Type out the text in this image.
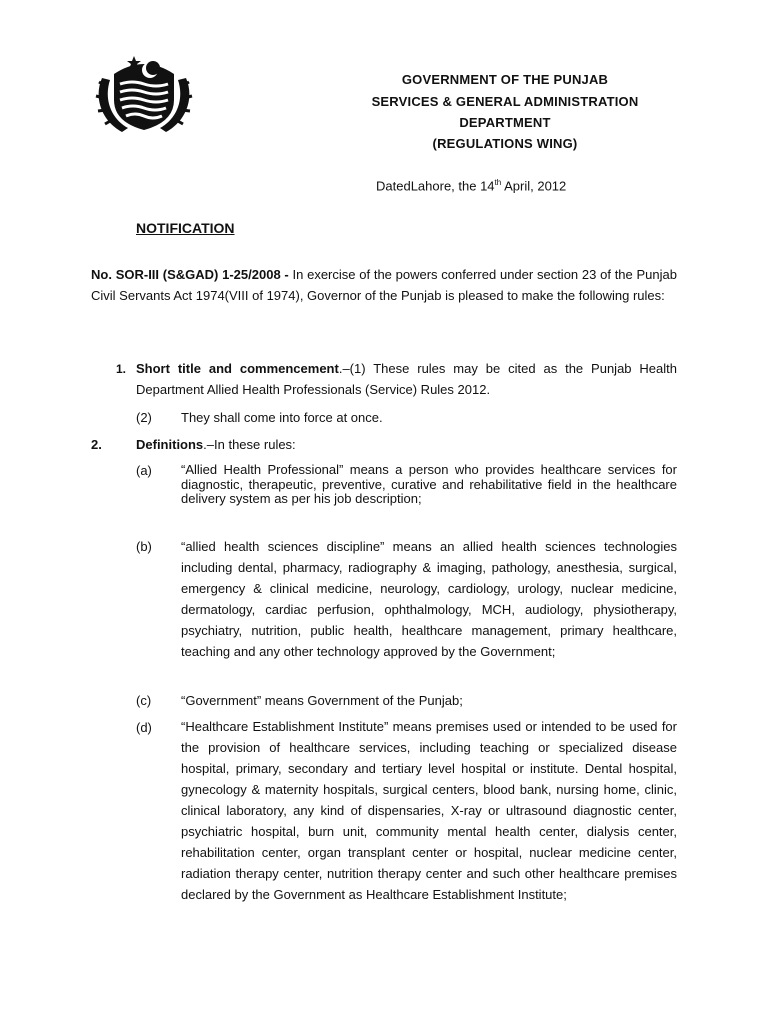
GOVERNMENT OF THE PUNJAB
SERVICES & GENERAL ADMINISTRATION
DEPARTMENT
(REGULATIONS WING)
DatedLahore, the 14th April, 2012
NOTIFICATION
No. SOR-III (S&GAD) 1-25/2008 - In exercise of the powers conferred under section 23 of the Punjab Civil Servants Act 1974(VIII of 1974), Governor of the Punjab is pleased to make the following rules:
1. Short title and commencement.–(1) These rules may be cited as the Punjab Health Department Allied Health Professionals (Service) Rules 2012.
(2) They shall come into force at once.
2.	Definitions.–In these rules:
(a) “Allied Health Professional” means a person who provides healthcare services for diagnostic, therapeutic, preventive, curative and rehabilitative field in the healthcare delivery system as per his job description;
(b) “allied health sciences discipline” means an allied health sciences technologies including dental, pharmacy, radiography & imaging, pathology, anesthesia, surgical, emergency & clinical medicine, neurology, cardiology, urology, nuclear medicine, dermatology, cardiac perfusion, ophthalmology, MCH, audiology, physiotherapy, psychiatry, nutrition, public health, healthcare management, primary healthcare, teaching and any other technology approved by the Government;
(c) “Government” means Government of the Punjab;
(d) “Healthcare Establishment Institute” means premises used or intended to be used for the provision of healthcare services, including teaching or specialized disease hospital, primary, secondary and tertiary level hospital or institute. Dental hospital, gynecology & maternity hospitals, surgical centers, blood bank, nursing home, clinic, clinical laboratory, any kind of dispensaries, X-ray or ultrasound diagnostic center, psychiatric hospital, burn unit, community mental health center, dialysis center, rehabilitation center, organ transplant center or hospital, nuclear medicine center, radiation therapy center, nutrition therapy center and such other healthcare premises declared by the Government as Healthcare Establishment Institute;
